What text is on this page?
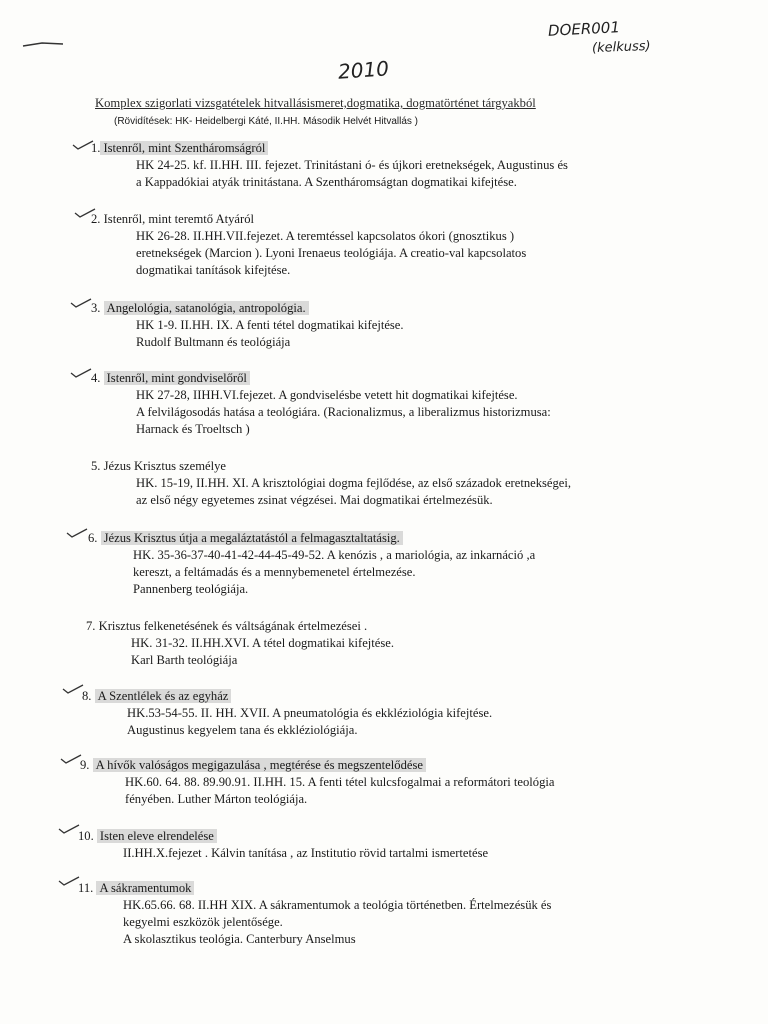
DOER001
(kelkuss)
2010
Komplex szigorlati vizsgatételek hitvallásismeret,dogmatika, dogmatörténet tárgyakból
(Rövidítések: HK- Heidelbergi Káté, II.HH. Második Helvét Hitvallás )
1. Istenről, mint Szentháromságról
HK 24-25. kf. II.HH. III. fejezet. Trinitástani ó- és újkori eretnekségek, Augustinus és
a Kappadókiai atyák trinitástana. A Szentháromságtan dogmatikai kifejtése.
2. Istenről, mint teremtő Atyáról
HK 26-28. II.HH.VII.fejezet. A teremtéssel kapcsolatos ókori (gnosztikus )
eretnekségek (Marcion ). Lyoni Irenaeus teológiája. A creatio-val kapcsolatos
dogmatikai tanítások kifejtése.
3. Angelológia, satanológia, antropológia.
HK 1-9. II.HH. IX. A fenti tétel dogmatikai kifejtése.
Rudolf Bultmann és teológiája
4. Istenről, mint gondviselőről
HK 27-28, IIHH.VI.fejezet. A gondviselésbe vetett hit dogmatikai kifejtése.
A felvilágosodás hatása a teológiára. (Racionalizmus, a liberalizmus historizmusa:
Harnack és Troeltsch )
5. Jézus Krisztus személye
HK. 15-19, II.HH. XI. A krisztológiai dogma fejlődése, az első századok eretnekségei,
az első négy egyetemes zsinat végzései. Mai dogmatikai értelmezésük.
6. Jézus Krisztus útja a megaláztatástól a felmagasztaltatásig.
HK. 35-36-37-40-41-42-44-45-49-52. A kenózis , a mariológia, az inkarnáció ,a
kereszt, a feltámadás és a mennybemenetel értelmezése.
Pannenberg teológiája.
7. Krisztus felkenetésének és váltságának értelmezései .
HK. 31-32. II.HH.XVI. A tétel dogmatikai kifejtése.
Karl Barth teológiája
8. A Szentlélek és az egyház
HK.53-54-55. II. HH. XVII. A pneumatológia és ekkléziológia kifejtése.
Augustinus kegyelem tana és ekkléziológiája.
9. A hívők valóságos megigazulása , megtérése és megszentelődése
HK.60. 64. 88. 89.90.91. II.HH. 15. A fenti tétel kulcsfogalmai a reformátori teológia
fényében. Luther Márton teológiája.
10. Isten eleve elrendelése
II.HH.X.fejezet . Kálvin tanítása , az Institutio rövid tartalmi ismertetése
11. A sákramentumok
HK.65.66. 68. II.HH XIX. A sákramentumok a teológia történetben. Értelmezésük és
kegyelmi eszközök jelentősége.
A skolasztikus teológia. Canterbury Anselmus
